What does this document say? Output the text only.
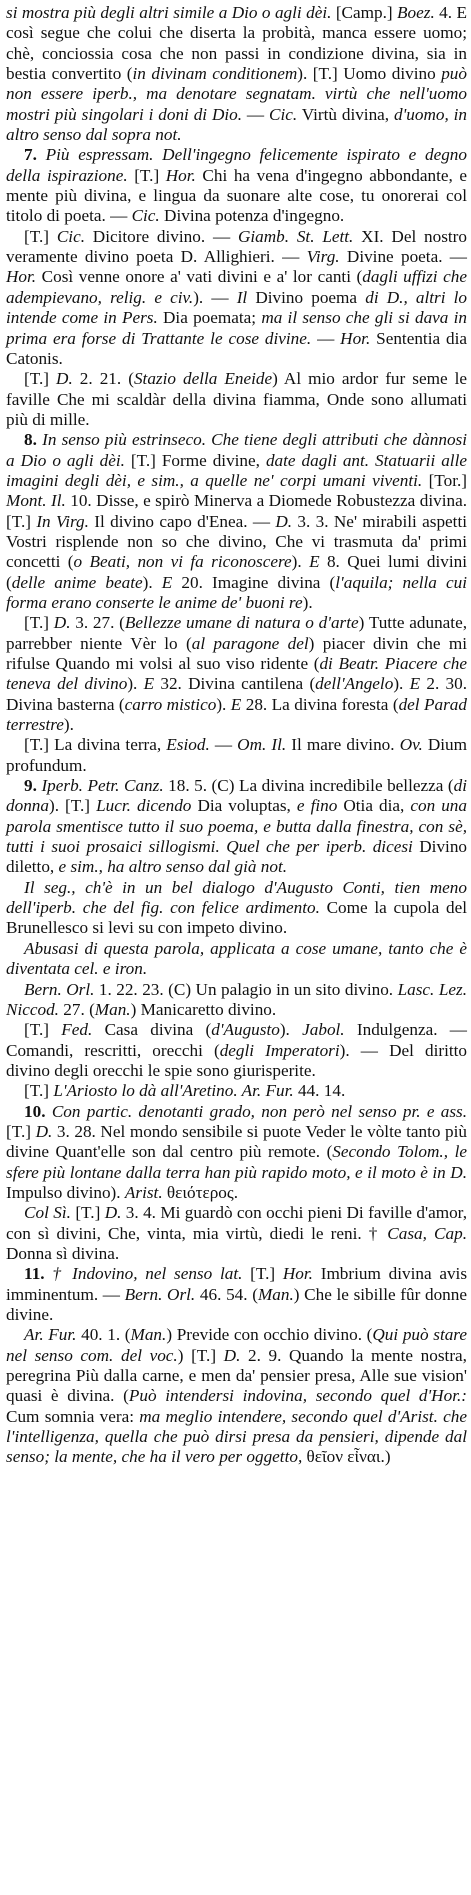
si mostra più degli altri simile a Dio o agli dèi. [Camp.] Boez. 4. E così segue che colui che diserta la probità, manca essere uomo; chè, conciossia cosa che non passi in condizione divina, sia in bestia convertito (in divinam conditionem). [T.] Uomo divino può non essere iperb., ma denotare segnatam. virtù che nell'uomo mostri più singolari i doni di Dio. — Cic. Virtù divina, d'uomo, in altro senso dal sopra not.

7. Più espressam. Dell'ingegno felicemente ispirato e degno della ispirazione. [T.] Hor. Chi ha vena d'ingegno abbondante, e mente più divina, e lingua da suonare alte cose, tu onorerai col titolo di poeta. — Cic. Divina potenza d'ingegno.

[T.] Cic. Dicitore divino. — Giamb. St. Lett. XI. Del nostro veramente divino poeta D. Allighieri. — Virg. Divine poeta. — Hor. Così venne onore a' vati divini e a' lor canti (dagli uffizi che adempievano, relig. e civ.). — Il Divino poema di D., altri lo intende come in Pers. Dia poemata; ma il senso che gli si dava in prima era forse di Trattante le cose divine. — Hor. Sententia dia Catonis.

[T.] D. 2. 21. (Stazio della Eneide) Al mio ardor fur seme le faville Che mi scaldàr della divina fiamma, Onde sono allumati più di mille.

8. In senso più estrinseco. Che tiene degli attributi che dànnosi a Dio o agli dèi. [T.] Forme divine, date dagli ant. Statuarii alle imagini degli dèi, e sim., a quelle ne' corpi umani viventi. [Tor.] Mont. Il. 10. Disse, e spirò Minerva a Diomede Robustezza divina. [T.] In Virg. Il divino capo d'Enea. — D. 3. 3. Ne' mirabili aspetti Vostri risplende non so che divino, Che vi trasmuta da' primi concetti (o Beati, non vi fa riconoscere). E 8. Quei lumi divini (delle anime beate). E 20. Imagine divina (l'aquila; nella cui forma erano conserte le anime de' buoni re).

[T.] D. 3. 27. (Bellezze umane di natura o d'arte) Tutte adunate, parrebber niente Vèr lo (al paragone del) piacer divin che mi rifulse Quando mi volsi al suo viso ridente (di Beatr. Piacere che teneva del divino). E 32. Divina cantilena (dell'Angelo). E 2. 30. Divina basterna (carro mistico). E 28. La divina foresta (del Parad terrestre).

[T.] La divina terra, Esiod. — Om. Il. Il mare divino. Ov. Dium profundum.

9. Iperb. Petr. Canz. 18. 5. (C) La divina incredibile bellezza (di donna). [T.] Lucr. dicendo Dia voluptas, e fino Otia dia, con una parola smentisce tutto il suo poema, e butta dalla finestra, con sè, tutti i suoi prosaici sillogismi. Quel che per iperb. dicesi Divino diletto, e sim., ha altro senso dal già not.

Il seg., ch'è in un bel dialogo d'Augusto Conti, tien meno dell'iperb. che del fig. con felice ardimento. Come la cupola del Brunellesco si levi su con impeto divino.

Abusasi di questa parola, applicata a cose umane, tanto che è diventata cel. e iron.

Bern. Orl. 1. 22. 23. (C) Un palagio in un sito divino. Lasc. Lez. Niccod. 27. (Man.) Manicaretto divino.

[T.] Fed. Casa divina (d'Augusto). Jabol. Indulgenza. — Comandi, rescritti, orecchi (degli Imperatori). — Del diritto divino degli orecchi le spie sono giurisperite.

[T.] L'Ariosto lo dà all'Aretino. Ar. Fur. 44. 14.

10. Con partic. denotanti grado, non però nel senso pr. e ass. [T.] D. 3. 28. Nel mondo sensibile si puote Veder le vòlte tanto più divine Quant'elle son dal centro più remote. (Secondo Tolom., le sfere più lontane dalla terra han più rapido moto, e il moto è in D. Impulso divino). Arist. θειότερος.

Col Sì. [T.] D. 3. 4. Mi guardò con occhi pieni Di faville d'amor, con sì divini, Che, vinta, mia virtù, diedi le reni. † Casa, Cap. Donna sì divina.

11. † Indovino, nel senso lat. [T.] Hor. Imbrium divina avis imminentum. — Bern. Orl. 46. 54. (Man.) Che le sibille fûr donne divine.

Ar. Fur. 40. 1. (Man.) Previde con occhio divino. (Qui può stare nel senso com. del voc.) [T.] D. 2. 9. Quando la mente nostra, peregrina Più dalla carne, e men da' pensier presa, Alle sue vision' quasi è divina. (Può intendersi indovina, secondo quel d'Hor.: Cum somnia vera: ma meglio intendere, secondo quel d'Arist. che l'intelligenza, quella che può dirsi presa da pensieri, dipende dal senso; la mente, che ha il vero per oggetto, θεῖον εἶναι.)
